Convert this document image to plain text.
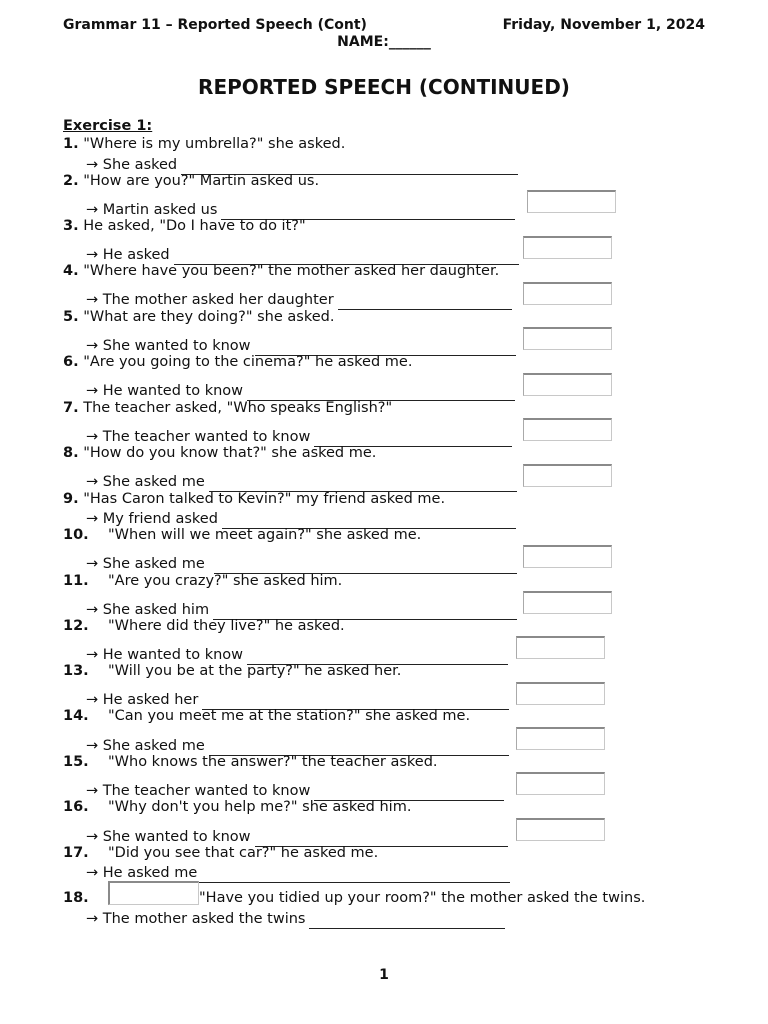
Grammar 11 – Reported Speech (Cont)	Friday, November 1, 2024
NAME:______
REPORTED SPEECH (CONTINUED)
Exercise 1:
1. "Where is my umbrella?" she asked.
→ She asked
2. "How are you?" Martin asked us.
→ Martin asked us
3. He asked, "Do I have to do it?"
→ He asked
4. "Where have you been?" the mother asked her daughter.
→ The mother asked her daughter
5. "What are they doing?" she asked.
→ She wanted to know
6. "Are you going to the cinema?" he asked me.
→ He wanted to know
7. The teacher asked, "Who speaks English?"
→ The teacher wanted to know
8. "How do you know that?" she asked me.
→ She asked me
9. "Has Caron talked to Kevin?" my friend asked me.
→ My friend asked
10. "When will we meet again?" she asked me.
→ She asked me
11. "Are you crazy?" she asked him.
→ She asked him
12. "Where did they live?" he asked.
→ He wanted to know
13. "Will you be at the party?" he asked her.
→ He asked her
14. "Can you meet me at the station?" she asked me.
→ She asked me
15. "Who knows the answer?" the teacher asked.
→ The teacher wanted to know
16. "Why don't you help me?" she asked him.
→ She wanted to know
17. "Did you see that car?" he asked me.
→ He asked me
18.	"Have you tidied up your room?" the mother asked the twins.
→ The mother asked the twins
1
